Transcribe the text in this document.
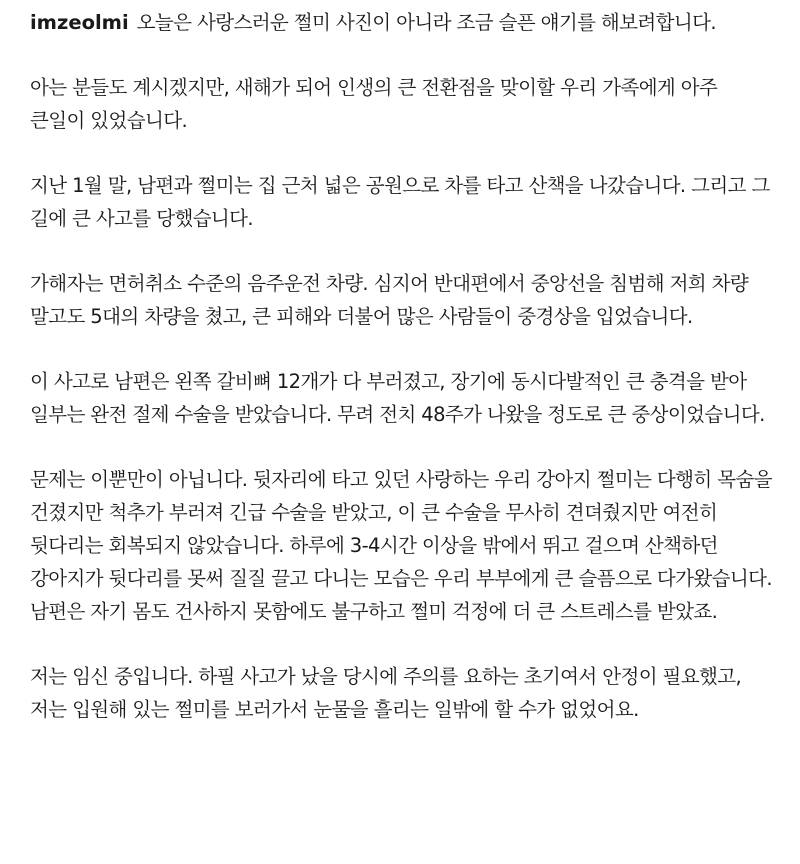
imzeolmi 오늘은 사랑스러운 쩔미 사진이 아니라 조금 슬픈 얘기를 해보려합니다.

아는 분들도 계시겠지만, 새해가 되어 인생의 큰 전환점을 맞이할 우리 가족에게 아주 큰일이 있었습니다.

지난 1월 말, 남편과 쩔미는 집 근처 넓은 공원으로 차를 타고 산책을 나갔습니다. 그리고 그 길에 큰 사고를 당했습니다.

가해자는 면허취소 수준의 음주운전 차량. 심지어 반대편에서 중앙선을 침범해 저희 차량 말고도 5대의 차량을 쳤고, 큰 피해와 더불어 많은 사람들이 중경상을 입었습니다.

이 사고로 남편은 왼쪽 갈비뼈 12개가 다 부러졌고, 장기에 동시다발적인 큰 충격을 받아 일부는 완전 절제 수술을 받았습니다. 무려 전치 48주가 나왔을 정도로 큰 중상이었습니다.

문제는 이뿐만이 아닙니다. 뒷자리에 타고 있던 사랑하는 우리 강아지 쩔미는 다행히 목숨을 건졌지만 척추가 부러져 긴급 수술을 받았고, 이 큰 수술을 무사히 견뎌줬지만 여전히 뒷다리는 회복되지 않았습니다. 하루에 3-4시간 이상을 밖에서 뛰고 걸으며 산책하던 강아지가 뒷다리를 못써 질질 끌고 다니는 모습은 우리 부부에게 큰 슬픔으로 다가왔습니다. 남편은 자기 몸도 건사하지 못함에도 불구하고 쩔미 걱정에 더 큰 스트레스를 받았죠.

저는 임신 중입니다. 하필 사고가 났을 당시에 주의를 요하는 초기여서 안정이 필요했고, 저는 입원해 있는 쩔미를 보러가서 눈물을 흘리는 일밖에 할 수가 없었어요.
